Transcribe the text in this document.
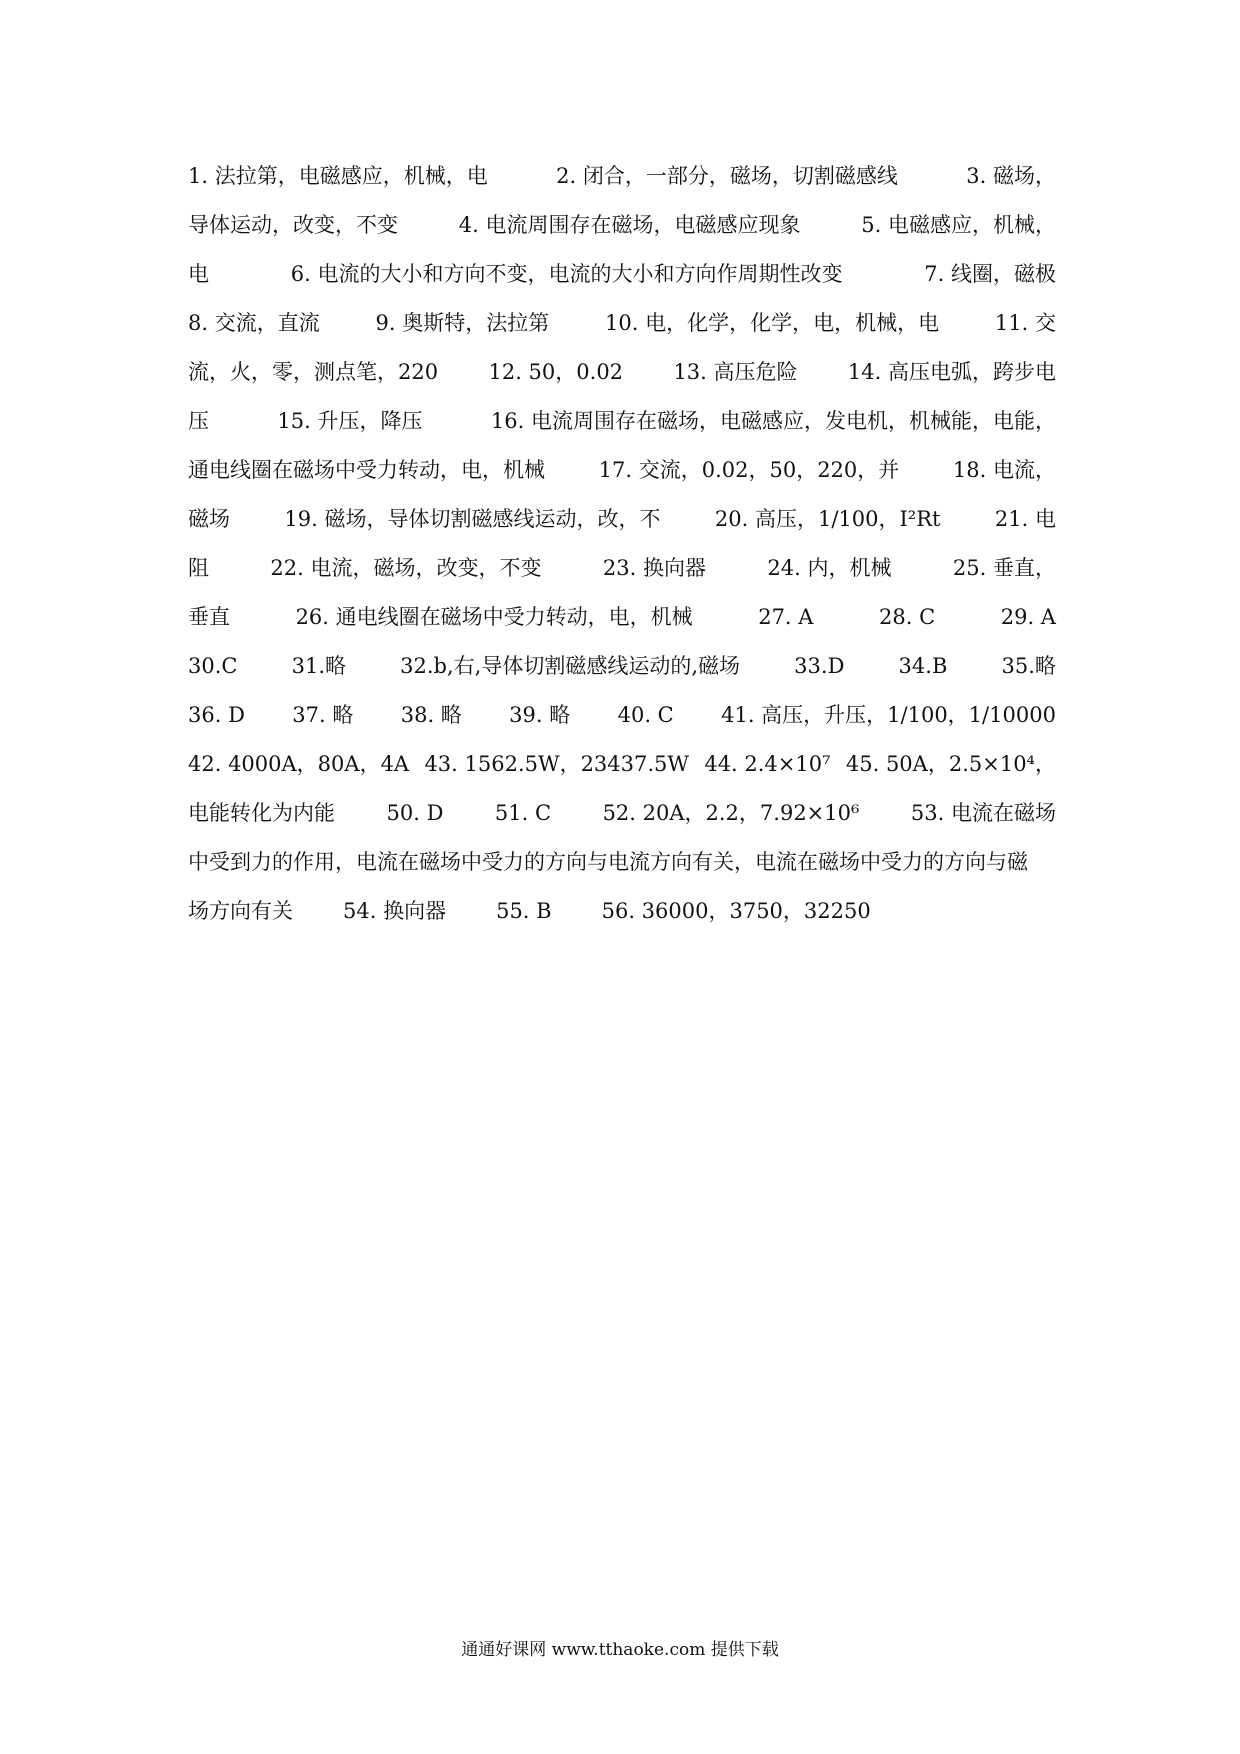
1. 法拉第，电磁感应，机械，电	2. 闭合，一部分，磁场，切割磁感线	3. 磁场，
导体运动，改变，不变	4. 电流周围存在磁场，电磁感应现象	5. 电磁感应，机械，
电	6. 电流的大小和方向不变，电流的大小和方向作周期性改变	7. 线圈，磁极
8. 交流，直流	9. 奥斯特，法拉第	10. 电，化学，化学，电，机械，电	11. 交
流，火，零，测点笔，220 12. 50，0.02 13. 高压危险 14. 高压电弧，跨步电
压	15. 升压，降压	16. 电流周围存在磁场，电磁感应，发电机，机械能，电能，
通电线圈在磁场中受力转动，电，机械	17. 交流，0.02，50，220，并	18. 电流，
磁场	19. 磁场，导体切割磁感线运动，改，不	20. 高压，1/100，I²Rt	21. 电
阻	22. 电流，磁场，改变，不变	23. 换向器	24. 内，机械	25. 垂直，
垂直	26. 通电线圈在磁场中受力转动，电，机械	27. A	28. C	29. A
30.C	31.略	32.b,右,导体切割磁感线运动的,磁场	33.D	34.B	35.略
36. D 37. 略 38. 略 39. 略 40. C 41. 高压，升压，1/100，1/10000
42. 4000A，80A，4A 43. 1562.5W，23437.5W 44. 2.4×10⁷ 45. 50A，2.5×10⁴，
电能转化为内能 50. D 51. C 52. 20A，2.2，7.92×10⁶ 53. 电流在磁场
中受到力的作用，电流在磁场中受力的方向与电流方向有关，电流在磁场中受力的方向与磁
场方向有关 54. 换向器 55. B 56. 36000，3750，32250
通通好课网 www.tthaoke.com 提供下载
